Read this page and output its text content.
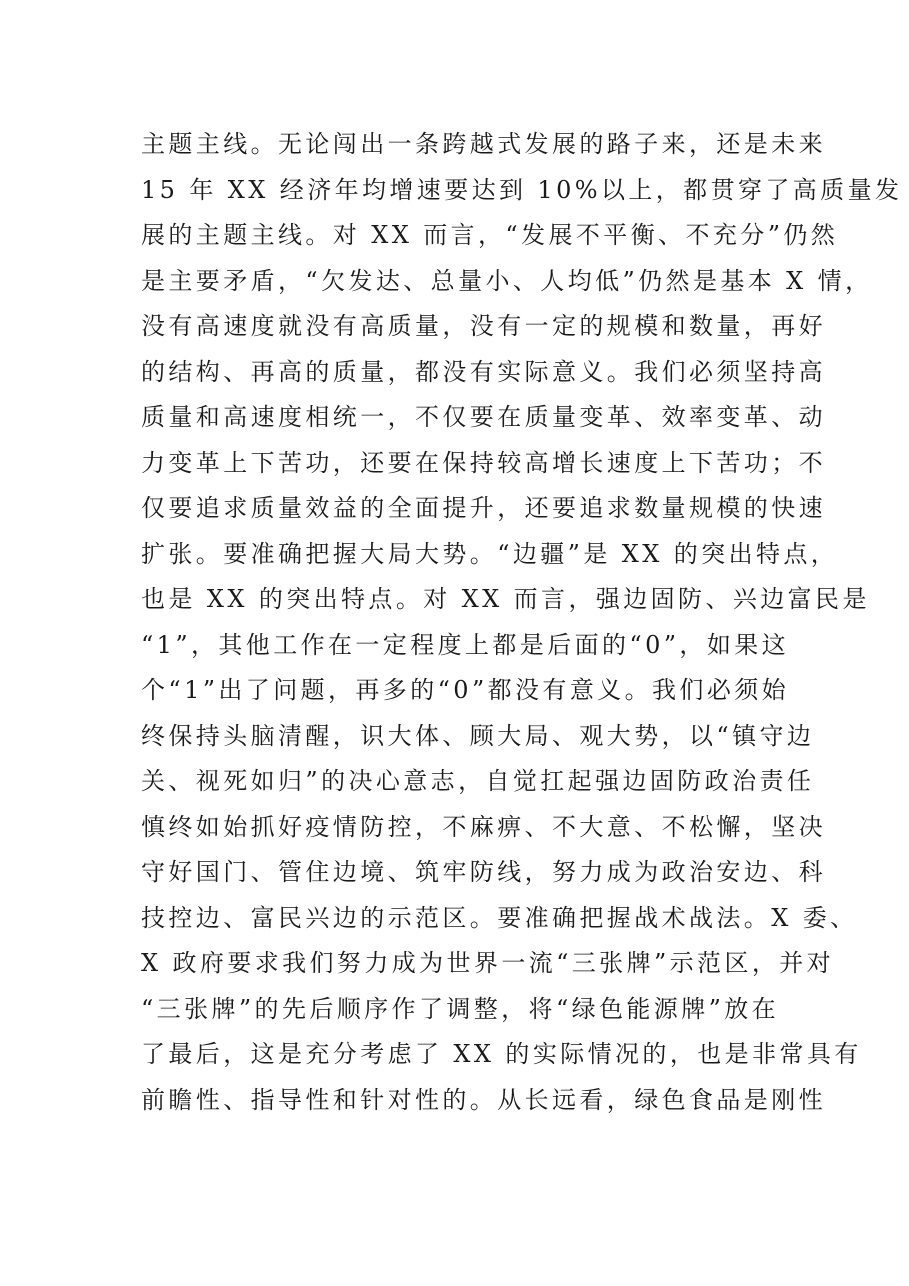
主题主线。无论闯出一条跨越式发展的路子来，还是未来
15 年 XX 经济年均增速要达到 10%以上，都贯穿了高质量发
展的主题主线。对 XX 而言，“发展不平衡、不充分”仍然
是主要矛盾，“欠发达、总量小、人均低”仍然是基本 X 情，
没有高速度就没有高质量，没有一定的规模和数量，再好
的结构、再高的质量，都没有实际意义。我们必须坚持高
质量和高速度相统一，不仅要在质量变革、效率变革、动
力变革上下苦功，还要在保持较高增长速度上下苦功；不
仅要追求质量效益的全面提升，还要追求数量规模的快速
扩张。要准确把握大局大势。“边疆”是 XX 的突出特点，
也是 XX 的突出特点。对 XX 而言，强边固防、兴边富民是
“1”，其他工作在一定程度上都是后面的“0”，如果这
个“1”出了问题，再多的“0”都没有意义。我们必须始
终保持头脑清醒，识大体、顾大局、观大势，以“镇守边
关、视死如归”的决心意志，自觉扛起强边固防政治责任
慎终如始抓好疫情防控，不麻痹、不大意、不松懈，坚决
守好国门、管住边境、筑牢防线，努力成为政治安边、科
技控边、富民兴边的示范区。要准确把握战术战法。X 委、
X 政府要求我们努力成为世界一流“三张牌”示范区，并对
“三张牌”的先后顺序作了调整，将“绿色能源牌”放在
了最后，这是充分考虑了 XX 的实际情况的，也是非常具有
前瞻性、指导性和针对性的。从长远看，绿色食品是刚性
